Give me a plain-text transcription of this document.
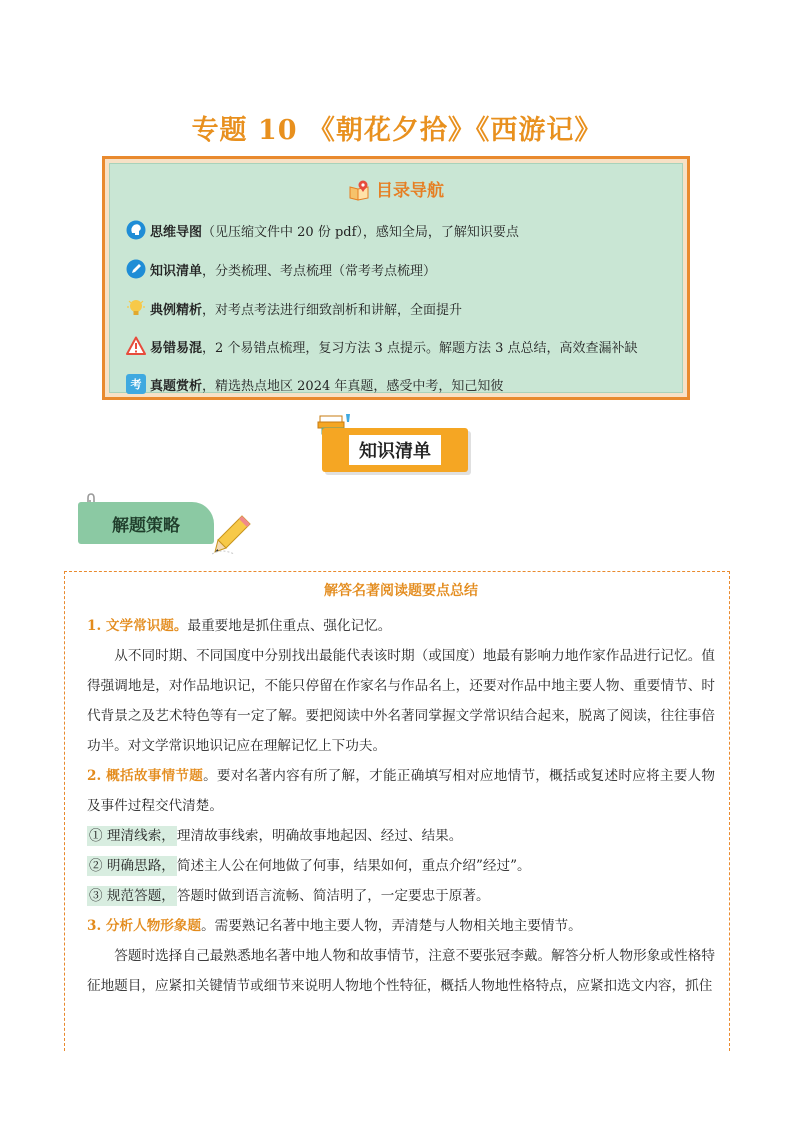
专题 10 《朝花夕拾》《西游记》
目录导航
思维导图 （见压缩文件中 20 份 pdf），感知全局，了解知识要点
知识清单 ，分类梳理、考点梳理（常考考点梳理）
典例精析 ，对考点考法进行细致剖析和讲解，全面提升
易错易混 ，2 个易错点梳理，复习方法 3 点提示。解题方法 3 点总结，高效查漏补缺
考 真题赏析 ，精选热点地区 2024 年真题，感受中考，知己知彼
知识清单
解题策略
解答名著阅读题要点总结

1. 文学常识题。最重要地是抓住重点、强化记忆。

从不同时期、不同国度中分别找出最能代表该时期（或国度）地最有影响力地作家作品进行记忆。值得强调地是，对作品地识记，不能只停留在作家名与作品名上，还要对作品中地主要人物、重要情节、时代背景之及艺术特色等有一定了解。要把阅读中外名著同掌握文学常识结合起来，脱离了阅读，往往事倍功半。对文学常识地识记应在理解记忆上下功夫。

2. 概括故事情节题。要对名著内容有所了解，才能正确填写相对应地情节，概括或复述时应将主要人物及事件过程交代清楚。

① 理清线索， 理清故事线索，明确故事地起因、经过、结果。

② 明确思路， 简述主人公在何地做了何事，结果如何，重点介绍”经过”。

③ 规范答题， 答题时做到语言流畅、简洁明了，一定要忠于原著。

3. 分析人物形象题。需要熟记名著中地主要人物，弄清楚与人物相关地主要情节。

答题时选择自己最熟悉地名著中地人物和故事情节，注意不要张冠李戴。解答分析人物形象或性格特征地题目，应紧扣关键情节或细节来说明人物地个性特征，概括人物地性格特点，应紧扣选文内容，抓住
